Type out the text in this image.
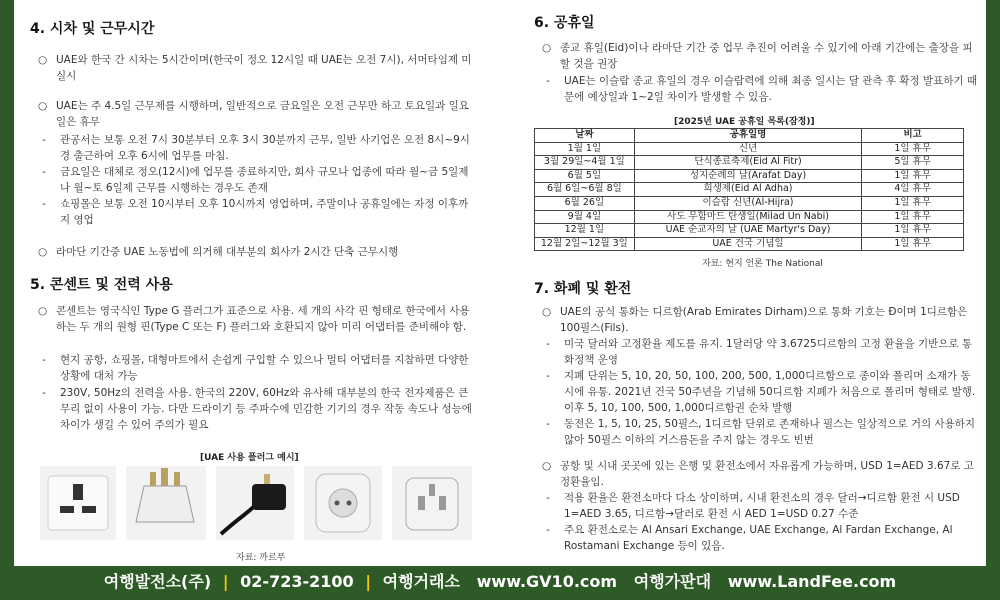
4. 시차 및 근무시간
○ UAE와 한국 간 시차는 5시간이며(한국이 정오 12시일 때 UAE는 오전 7시), 서머타임제 미 실시
○ UAE는 주 4.5일 근무제를 시행하며, 일반적으로 금요일은 오전 근무만 하고 토요일과 일요일은 휴무
-	관공서는 보통 오전 7시 30분부터 오후 3시 30분까지 근무, 일반 사기업은 오전 8시~9시경 출근하여 오후 6시에 업무를 마침.
-	금요일은 대체로 정오(12시)에 업무를 종료하지만, 회사 규모나 업종에 따라 월~금 5일제나 월~토 6일제 근무를 시행하는 경우도 존재
-	쇼핑몰은 보통 오전 10시부터 오후 10시까지 영업하며, 주말이나 공휴일에는 자정 이후까지 영업
○ 라마단 기간중 UAE 노동법에 의거해 대부분의 회사가 2시간 단축 근무시행
5. 콘센트 및 전력 사용
○ 콘센트는 영국식인 Type G 플러그가 표준으로 사용. 세 개의 사각 핀 형태로 한국에서 사용하는 두 개의 원형 핀(Type C 또는 F) 플러그와 호환되지 않아 미리 어댑터를 준비해야 함.
-	현지 공항, 쇼핑몰, 대형마트에서 손쉽게 구입할 수 있으나 멀티 어댑터를 지참하면 다양한 상황에 대처 가능
-	230V, 50Hz의 전력을 사용. 한국의 220V, 60Hz와 유사해 대부분의 한국 전자제품은 큰 무리 없이 사용이 가능. 다만 드라이기 등 주파수에 민감한 기기의 경우 작동 속도나 성능에 차이가 생길 수 있어 주의가 필요
[UAE 사용 플러그 예시]
자료: 까르푸
6. 공휴일
○ 종교 휴일(Eid)이나 라마단 기간 중 업무 추진이 어려울 수 있기에 아래 기간에는 출장을 피할 것을 권장
-	UAE는 이슬람 종교 휴일의 경우 이슬람력에 의해 최종 일시는 달 관측 후 확정 발표하기 때문에 예상일과 1~2일 차이가 발생할 수 있음.
[2025년 UAE 공휴일 목록(잠정)]
날짜	공휴일명	비고
1월 1일	신년	1일 휴무
3월 29일~4월 1일	단식종료축제(Eid Al Fitr)	5일 휴무
6월 5일	성지순례의 날(Arafat Day)	1일 휴무
6월 6일~6월 8일	희생제(Eid Al Adha)	4일 휴무
6월 26일	이슬람 신년(Al-Hijra)	1일 휴무
9월 4일	사도 무함마드 탄생일(Milad Un Nabi)	1일 휴무
12월 1일	UAE 순교자의 날 (UAE Martyr's Day)	1일 휴무
12월 2일~12월 3일	UAE 건국 기념일	1일 휴무
자료: 현지 언론 The National
7. 화폐 및 환전
○ UAE의 공식 통화는 디르함(Arab Emirates Dirham)으로 통화 기호는 Ð이며 1디르함은 100필스(Fils).
-	미국 달러와 고정환율 제도를 유지. 1달러당 약 3.6725디르함의 고정 환율을 기반으로 통화정책 운영
-	지폐 단위는 5, 10, 20, 50, 100, 200, 500, 1,000디르함으로 종이와 폴리머 소재가 동시에 유통. 2021년 건국 50주년을 기념해 50디르함 지폐가 처음으로 폴리머 형태로 발행. 이후 5, 10, 100, 500, 1,000디르함권 순차 발행
-	동전은 1, 5, 10, 25, 50필스, 1디르함 단위로 존재하나 필스는 일상적으로 거의 사용하지 않아 50필스 이하의 거스름돈을 주지 않는 경우도 빈번
○ 공항 및 시내 곳곳에 있는 은행 및 환전소에서 자유롭게 가능하며, USD 1=AED 3.67로 고정환율임.
-	적용 환율은 환전소마다 다소 상이하며, 시내 환전소의 경우 달러→디르함 환전 시 USD 1=AED 3.65, 디르함→달러로 환전 시 AED 1=USD 0.27 수준
-	주요 환전소로는 Al Ansari Exchange, UAE Exchange, Al Fardan Exchange, Al Rostamani Exchange 등이 있음.
여행발전소(주) | 02-723-2100 | 여행거래소 www.GV10.com 여행가판대 www.LandFee.com
